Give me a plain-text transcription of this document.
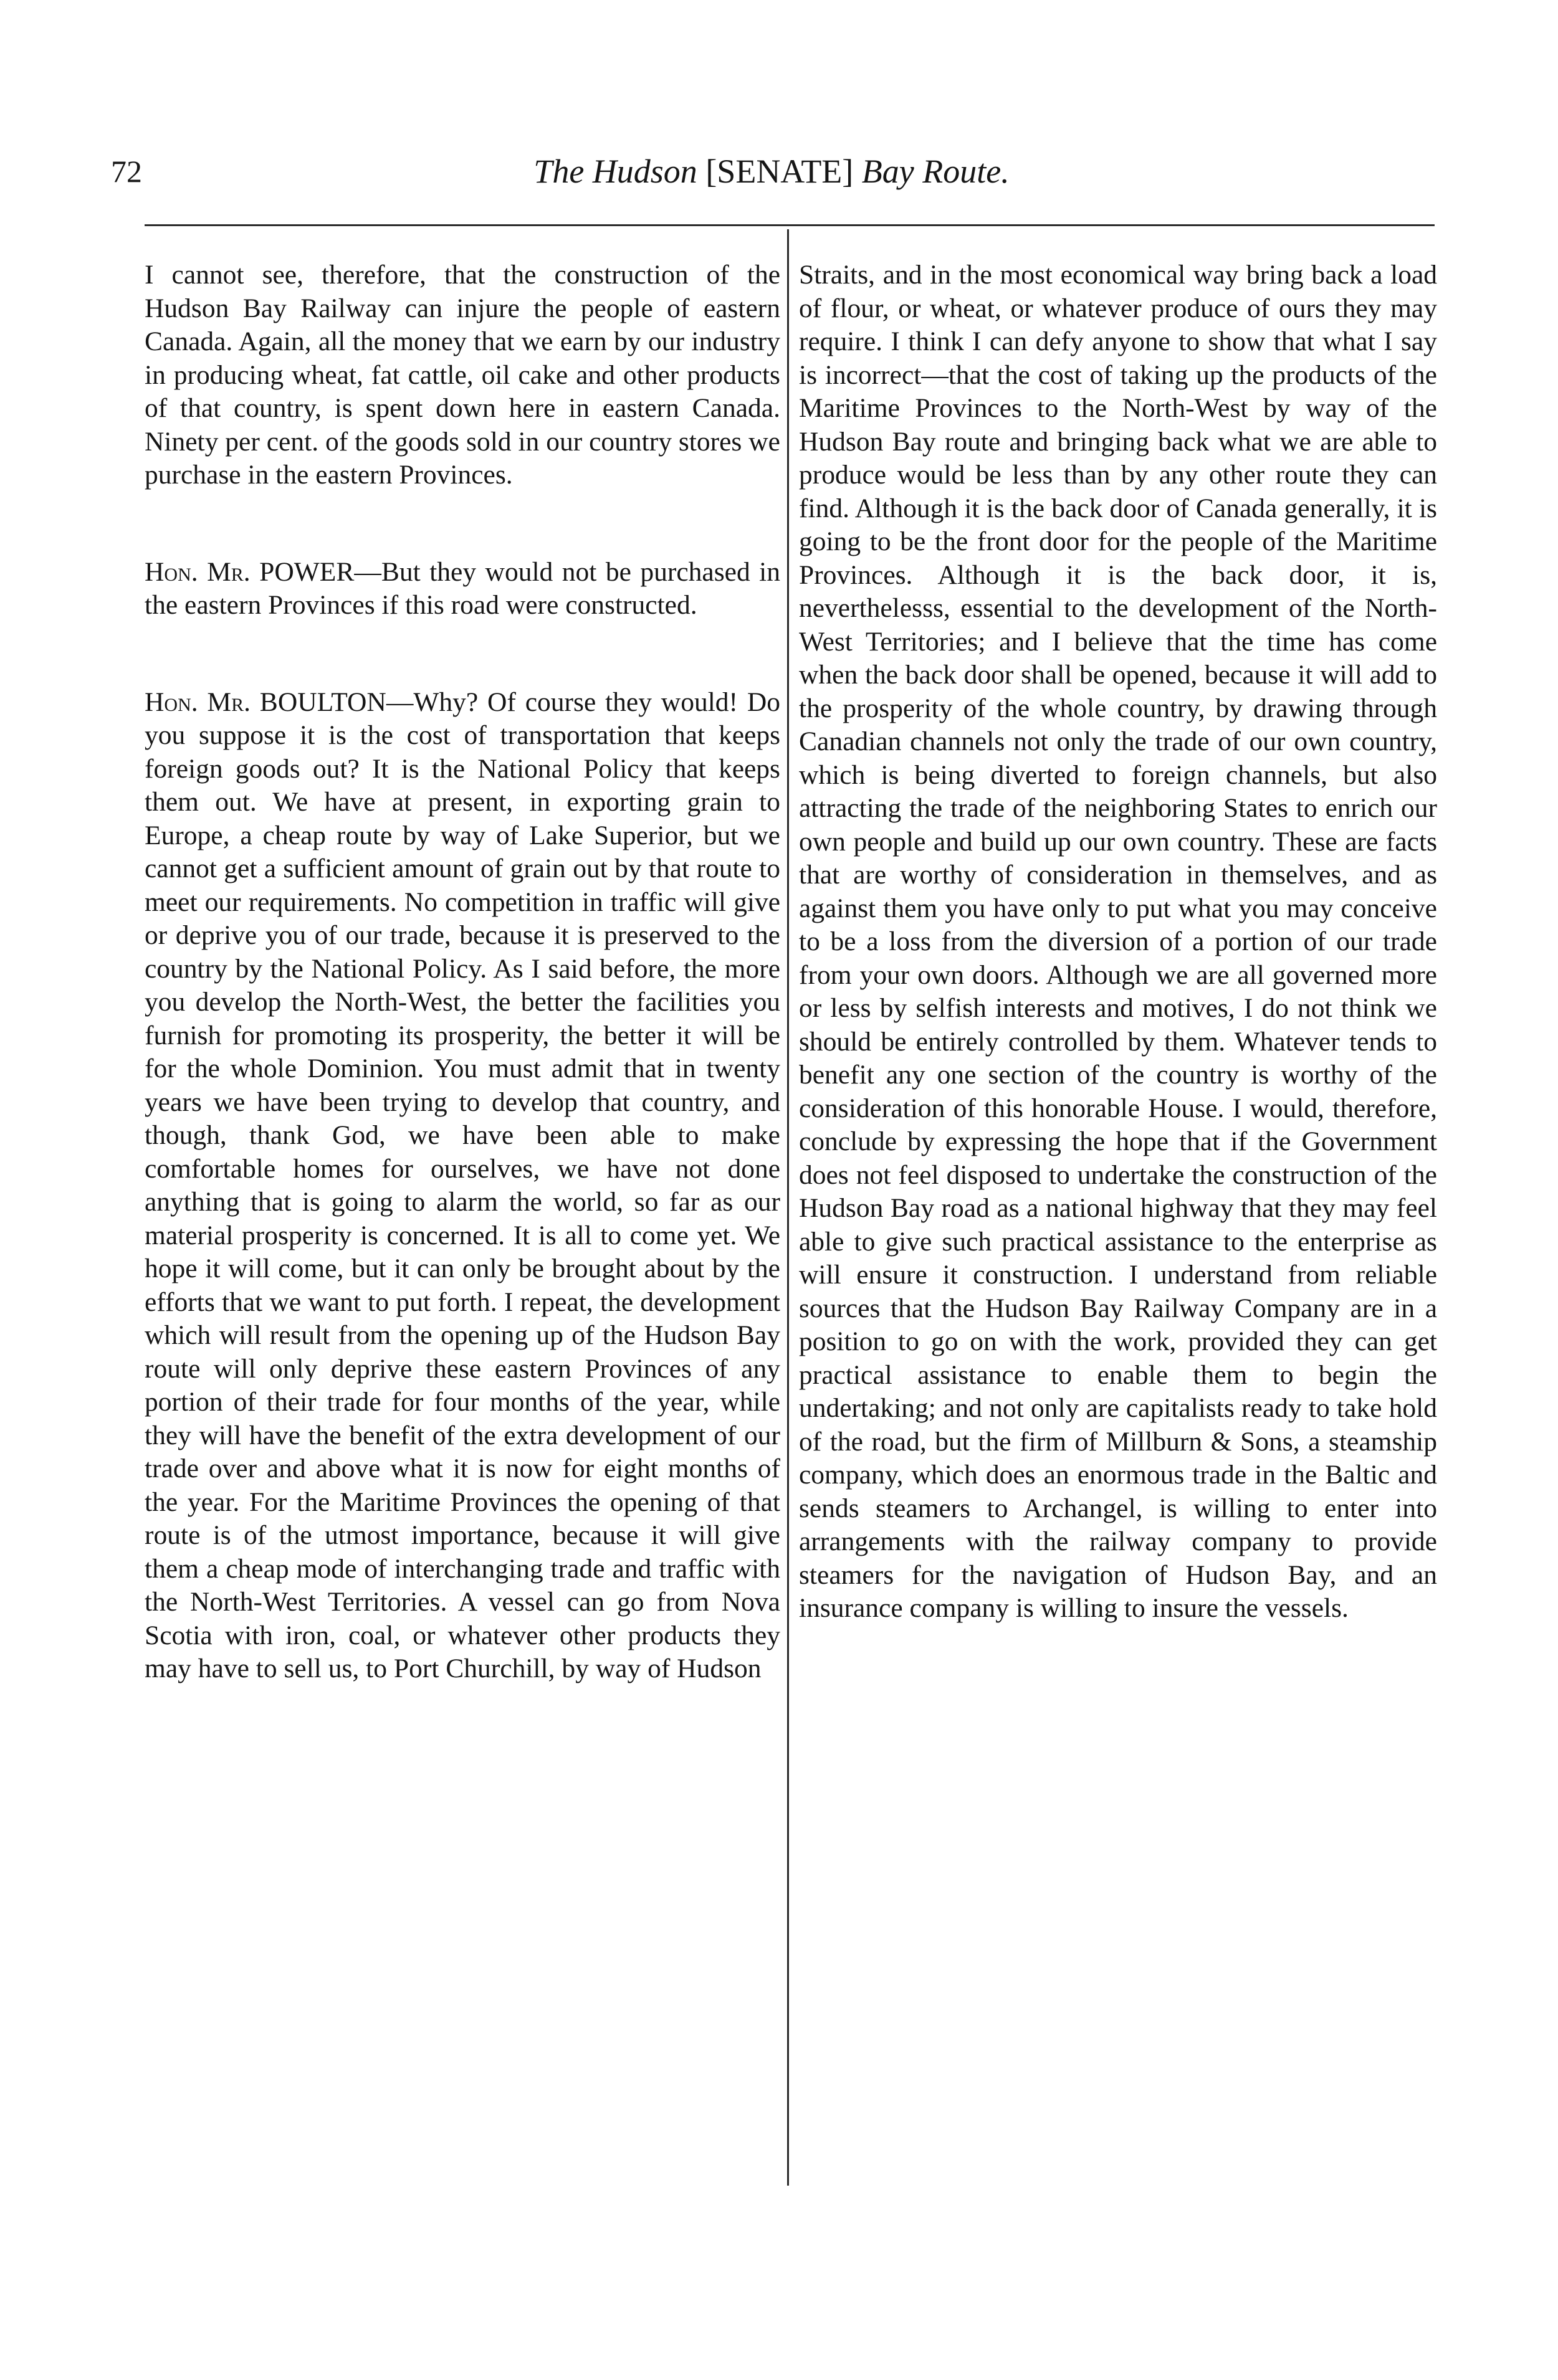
72	The Hudson [SENATE] Bay Route.

I cannot see, therefore, that the construction of the Hudson Bay Railway can injure the people of eastern Canada. Again, all the money that we earn by our industry in producing wheat, fat cattle, oil cake and other products of that country, is spent down here in eastern Canada. Ninety per cent. of the goods sold in our country stores we purchase in the eastern Provinces.

Hon. Mr. POWER—But they would not be purchased in the eastern Provinces if this road were constructed.

Hon. Mr. BOULTON—Why? Of course they would! Do you suppose it is the cost of transportation that keeps foreign goods out? It is the National Policy that keeps them out. We have at present, in exporting grain to Europe, a cheap route by way of Lake Superior, but we cannot get a sufficient amount of grain out by that route to meet our requirements. No competition in traffic will give or deprive you of our trade, because it is preserved to the country by the National Policy. As I said before, the more you develop the North-West, the better the facilities you furnish for promoting its prosperity, the better it will be for the whole Dominion. You must admit that in twenty years we have been trying to develop that country, and though, thank God, we have been able to make comfortable homes for ourselves, we have not done anything that is going to alarm the world, so far as our material prosperity is concerned. It is all to come yet. We hope it will come, but it can only be brought about by the efforts that we want to put forth. I repeat, the development which will result from the opening up of the Hudson Bay route will only deprive these eastern Provinces of any portion of their trade for four months of the year, while they will have the benefit of the extra development of our trade over and above what it is now for eight months of the year. For the Maritime Provinces the opening of that route is of the utmost importance, because it will give them a cheap mode of interchanging trade and traffic with the North-West Territories. A vessel can go from Nova Scotia with iron, coal, or whatever other products they may have to sell us, to Port Churchill, by way of Hudson

Straits, and in the most economical way bring back a load of flour, or wheat, or whatever produce of ours they may require. I think I can defy anyone to show that what I say is incorrect—that the cost of taking up the products of the Maritime Provinces to the North-West by way of the Hudson Bay route and bringing back what we are able to produce would be less than by any other route they can find. Although it is the back door of Canada generally, it is going to be the front door for the people of the Maritime Provinces. Although it is the back door, it is, neverthelesss, essential to the development of the North-West Territories; and I believe that the time has come when the back door shall be opened, because it will add to the prosperity of the whole country, by drawing through Canadian channels not only the trade of our own country, which is being diverted to foreign channels, but also attracting the trade of the neighboring States to enrich our own people and build up our own country. These are facts that are worthy of consideration in themselves, and as against them you have only to put what you may conceive to be a loss from the diversion of a portion of our trade from your own doors. Although we are all governed more or less by selfish interests and motives, I do not think we should be entirely controlled by them. Whatever tends to benefit any one section of the country is worthy of the consideration of this honorable House. I would, therefore, conclude by expressing the hope that if the Government does not feel disposed to undertake the construction of the Hudson Bay road as a national highway that they may feel able to give such practical assistance to the enterprise as will ensure it construction. I understand from reliable sources that the Hudson Bay Railway Company are in a position to go on with the work, provided they can get practical assistance to enable them to begin the undertaking; and not only are capitalists ready to take hold of the road, but the firm of Millburn & Sons, a steamship company, which does an enormous trade in the Baltic and sends steamers to Archangel, is willing to enter into arrangements with the railway company to provide steamers for the navigation of Hudson Bay, and an insurance company is willing to insure the vessels.
